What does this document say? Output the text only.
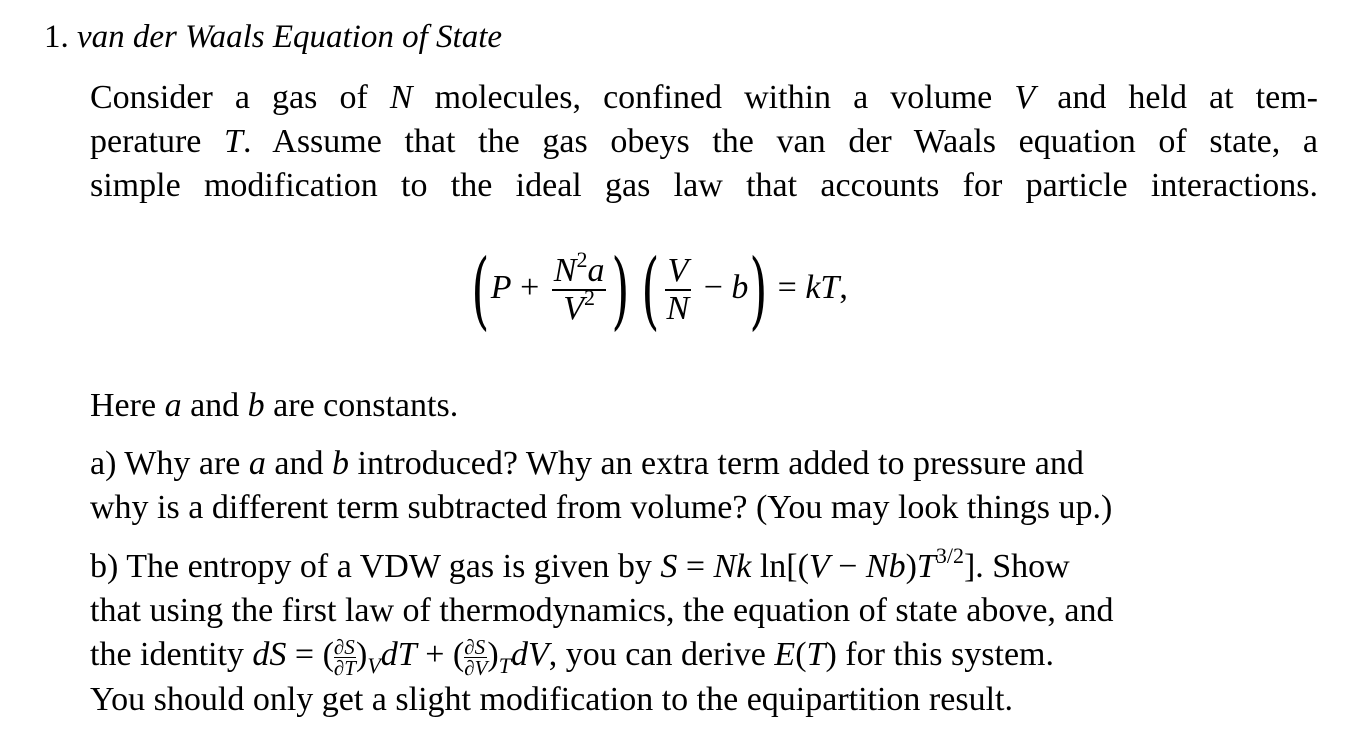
1. van der Waals Equation of State
Consider a gas of N molecules, confined within a volume V and held at tem-
perature T. Assume that the gas obeys the van der Waals equation of state, a
simple modification to the ideal gas law that accounts for particle interactions.
($P + \frac{N^2a}{V^2}$ ) ( $\frac{V}{N} - b$) = kT,
Here a and b are constants.
a) Why are a and b introduced? Why an extra term added to pressure and
why is a different term subtracted from volume? (You may look things up.)
b) The entropy of a VDW gas is given by S = Nk $\ln[(V - Nb)T^{3/2}]$. Show
that using the first law of thermodynamics, the equation of state above, and
the identity dS = ( $\frac{\partial S}{\partial T} )_VdT$ + ( $\frac{\partial S}{\partial V} )_TdV$, you can derive E(T) for this system.
You should only get a slight modification to the equipartition result.
